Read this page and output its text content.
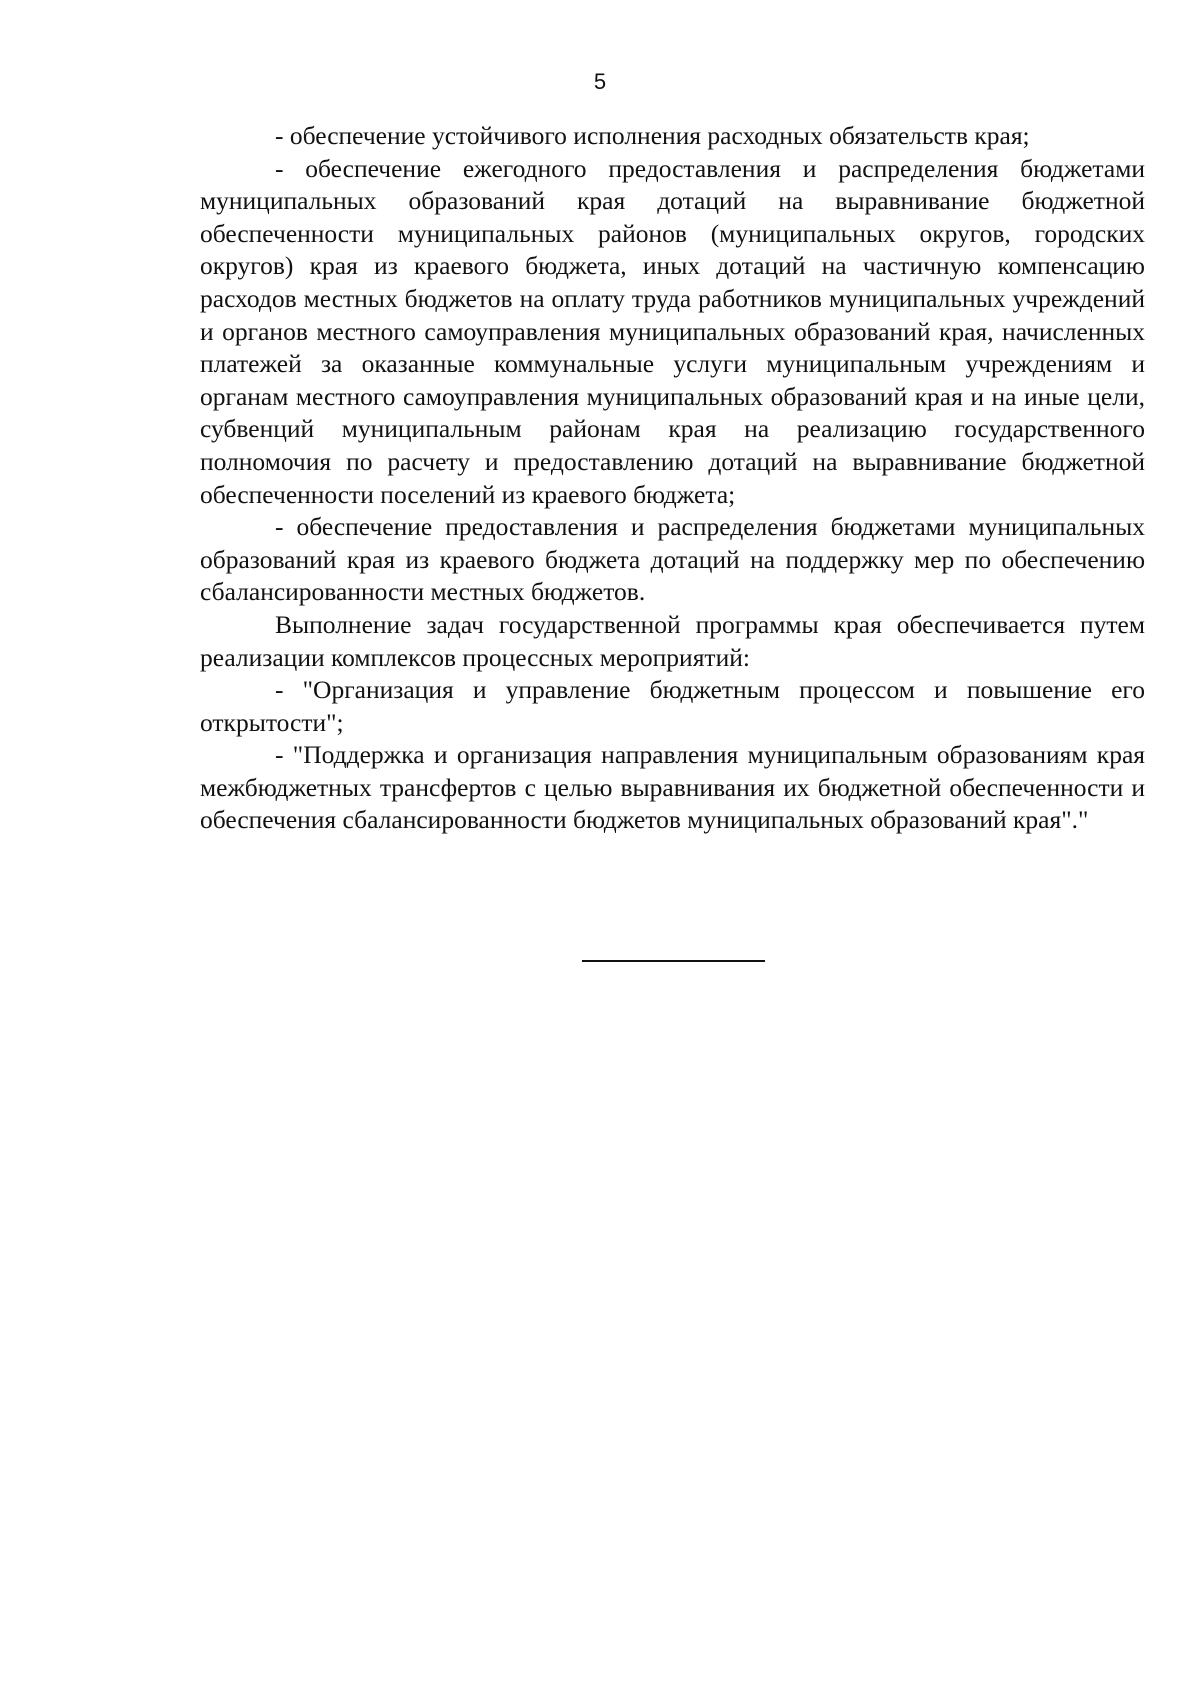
5

- обеспечение устойчивого исполнения расходных обязательств края;

- обеспечение ежегодного предоставления и распределения бюджетами муниципальных образований края дотаций на выравнивание бюджетной обеспеченности муниципальных районов (муниципальных округов, городских округов) края из краевого бюджета, иных дотаций на частичную компенсацию расходов местных бюджетов на оплату труда работников муниципальных учреждений и органов местного самоуправления муниципальных образований края, начисленных платежей за оказанные коммунальные услуги муниципальным учреждениям и органам местного самоуправления муниципальных образований края и на иные цели, субвенций муниципальным районам края на реализацию государственного полномочия по расчету и предоставлению дотаций на выравнивание бюджетной обеспеченности поселений из краевого бюджета;

- обеспечение предоставления и распределения бюджетами муниципальных образований края из краевого бюджета дотаций на поддержку мер по обеспечению сбалансированности местных бюджетов.

Выполнение задач государственной программы края обеспечивается путем реализации комплексов процессных мероприятий:

- "Организация и управление бюджетным процессом и повышение его открытости";

- "Поддержка и организация направления муниципальным образованиям края межбюджетных трансфертов с целью выравнивания их бюджетной обеспеченности и обеспечения сбалансированности бюджетов муниципальных образований края"."
